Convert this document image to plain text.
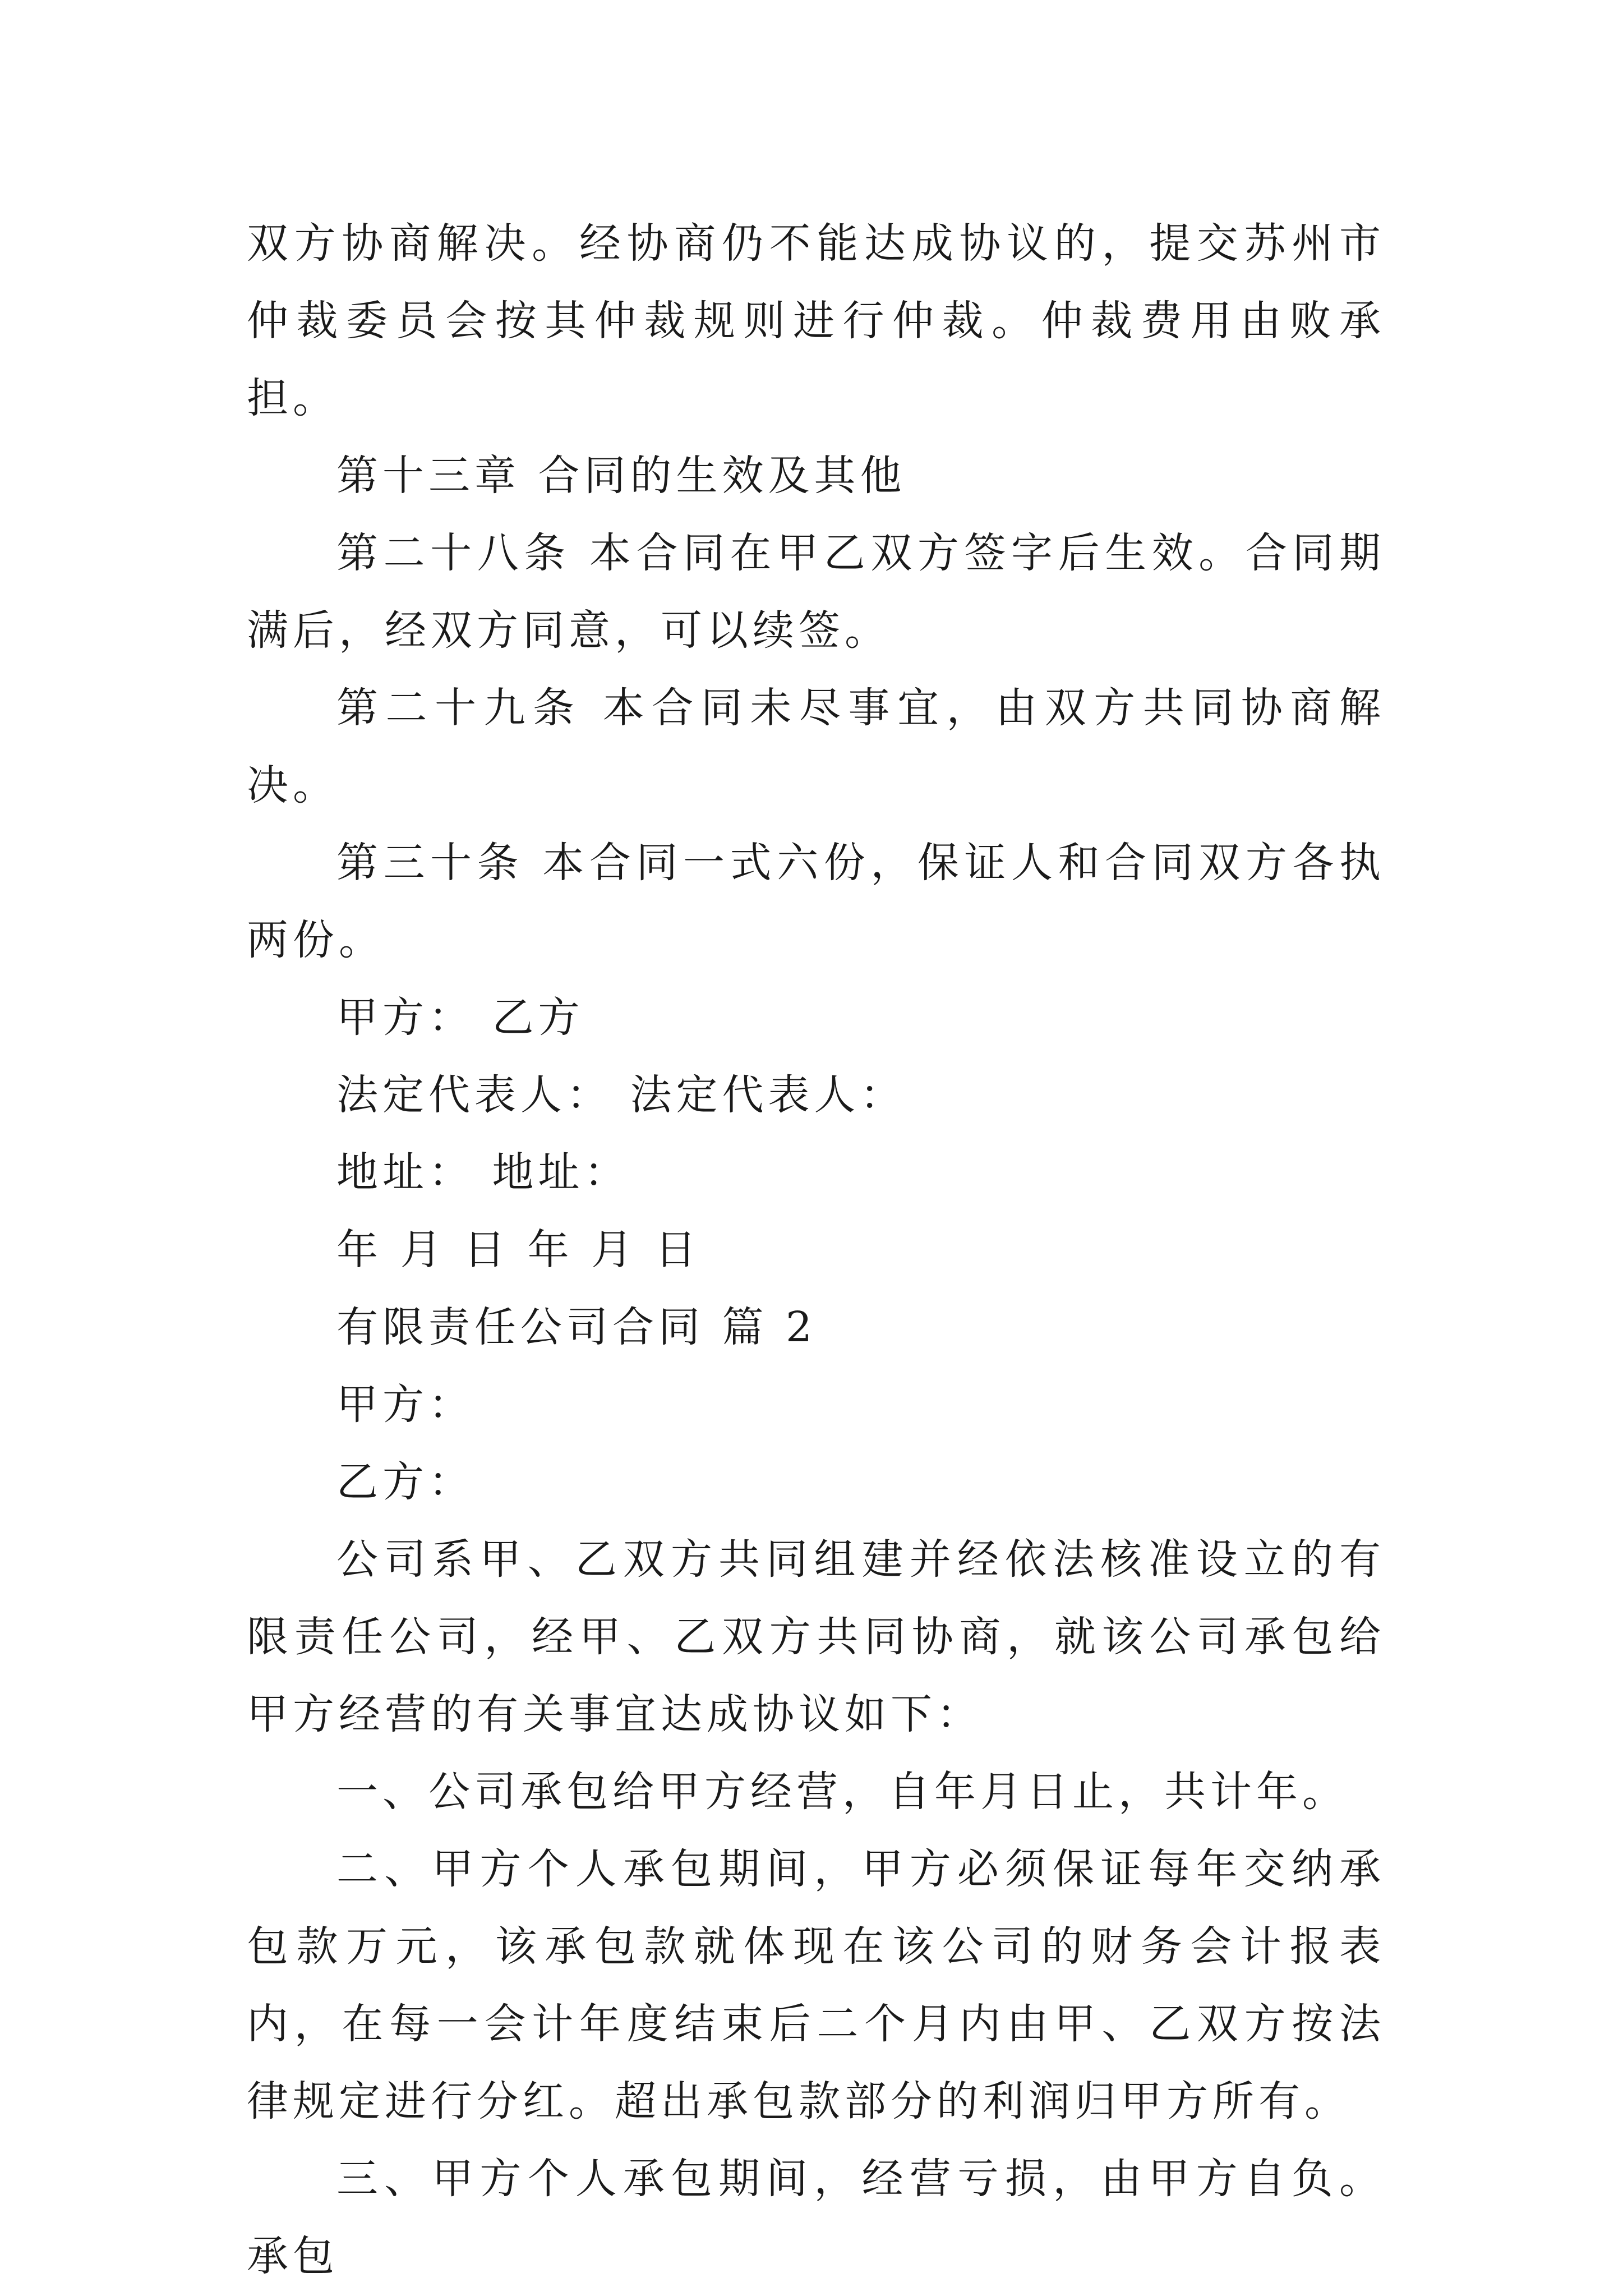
双方协商解决。经协商仍不能达成协议的，提交苏州市仲裁委员会按其仲裁规则进行仲裁。仲裁费用由败承担。

第十三章 合同的生效及其他

第二十八条 本合同在甲乙双方签字后生效。合同期满后，经双方同意，可以续签。

第二十九条 本合同未尽事宜，由双方共同协商解决。

第三十条 本合同一式六份，保证人和合同双方各执两份。

甲方： 乙方

法定代表人： 法定代表人：

地址： 地址：

年 月 日 年 月 日

有限责任公司合同 篇 2

甲方：

乙方：

公司系甲、乙双方共同组建并经依法核准设立的有限责任公司，经甲、乙双方共同协商，就该公司承包给甲方经营的有关事宜达成协议如下：

一、公司承包给甲方经营，自年月日止，共计年。

二、甲方个人承包期间，甲方必须保证每年交纳承包款万元，该承包款就体现在该公司的财务会计报表内，在每一会计年度结束后二个月内由甲、乙双方按法律规定进行分红。超出承包款部分的利润归甲方所有。

三、甲方个人承包期间，经营亏损，由甲方自负。承包
